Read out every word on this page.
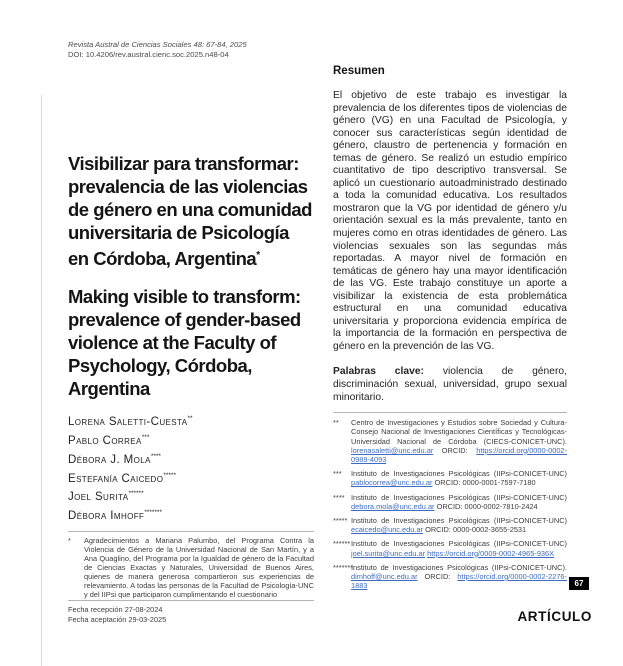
Revista Austral de Ciencias Sociales 48: 67-84, 2025
DOI: 10.4206/rev.austral.cienc.soc.2025.n48-04
Visibilizar para transformar: prevalencia de las violencias de género en una comunidad universitaria de Psicología en Córdoba, Argentina*
Making visible to transform: prevalence of gender-based violence at the Faculty of Psychology, Córdoba, Argentina
Lorena Saletti-Cuesta**
Pablo Correa***
Débora J. Mola****
Estefanía Caicedo*****
Joel Surita******
Débora Imhoff*******
*	Agradecimientos a Mariana Palumbo, del Programa Contra la Violencia de Género de la Universidad Nacional de San Martín, y a Ana Quaglino, del Programa por la Igualdad de género de la Facultad de Ciencias Exactas y Naturales, Universidad de Buenos Aires, quienes de manera generosa compartieron sus experiencias de relevamiento. A todas las personas de la Facultad de Psicología-UNC y del IIPsi que participaron cumplimentando el cuestionario
Fecha recepción 27-08-2024
Fecha aceptación 29-03-2025
Resumen
El objetivo de este trabajo es investigar la prevalencia de los diferentes tipos de violencias de género (VG) en una Facultad de Psicología, y conocer sus características según identidad de género, claustro de pertenencia y formación en temas de género. Se realizó un estudio empírico cuantitativo de tipo descriptivo transversal. Se aplicó un cuestionario autoadministrado destinado a toda la comunidad educativa. Los resultados mostraron que la VG por identidad de género y/u orientación sexual es la más prevalente, tanto en mujeres como en otras identidades de género. Las violencias sexuales son las segundas más reportadas. A mayor nivel de formación en temáticas de género hay una mayor identificación de las VG. Este trabajo constituye un aporte a visibilizar la existencia de esta problemática estructural en una comunidad educativa universitaria y proporciona evidencia empírica de la importancia de la formación en perspectiva de género en la prevención de las VG.
Palabras clave: violencia de género, discriminación sexual, universidad, grupo sexual minoritario.
**	Centro de Investigaciones y Estudios sobre Sociedad y Cultura-Consejo Nacional de Investigaciones Científicas y Tecnológicas-Universidad Nacional de Córdoba (CIECS-CONICET-UNC). lorenasaletti@unc.edu.ar ORCID: https://orcid.org/0000-0002-0989-4093
***	Instituto de Investigaciones Psicológicas (IIPsi-CONICET-UNC) pablocorrea@unc.edu.ar ORCID: 0000-0001-7597-7180
**** Instituto de Investigaciones Psicológicas (IIPsi-CONICET-UNC) debora.mola@unc.edu.ar ORCID: 0000-0002-7810-2424
***** Instituto de Investigaciones Psicológicas (IIPsi-CONICET-UNC) ecaicedo@unc.edu.ar ORCID: 0000-0002-3655-2531
****** Instituto de Investigaciones Psicológicas (IIPsi-CONICET-UNC) joel.surita@unc.edu.ar https://orcid.org/0009-0002-4965-936X
*******
Instituto de Investigaciones Psicológicas (IIPsi-CONICET-UNC). dimhoff@unc.edu.ar ORCID: https://orcid.org/0000-0002-2276-1883	67
ARTÍCULO
